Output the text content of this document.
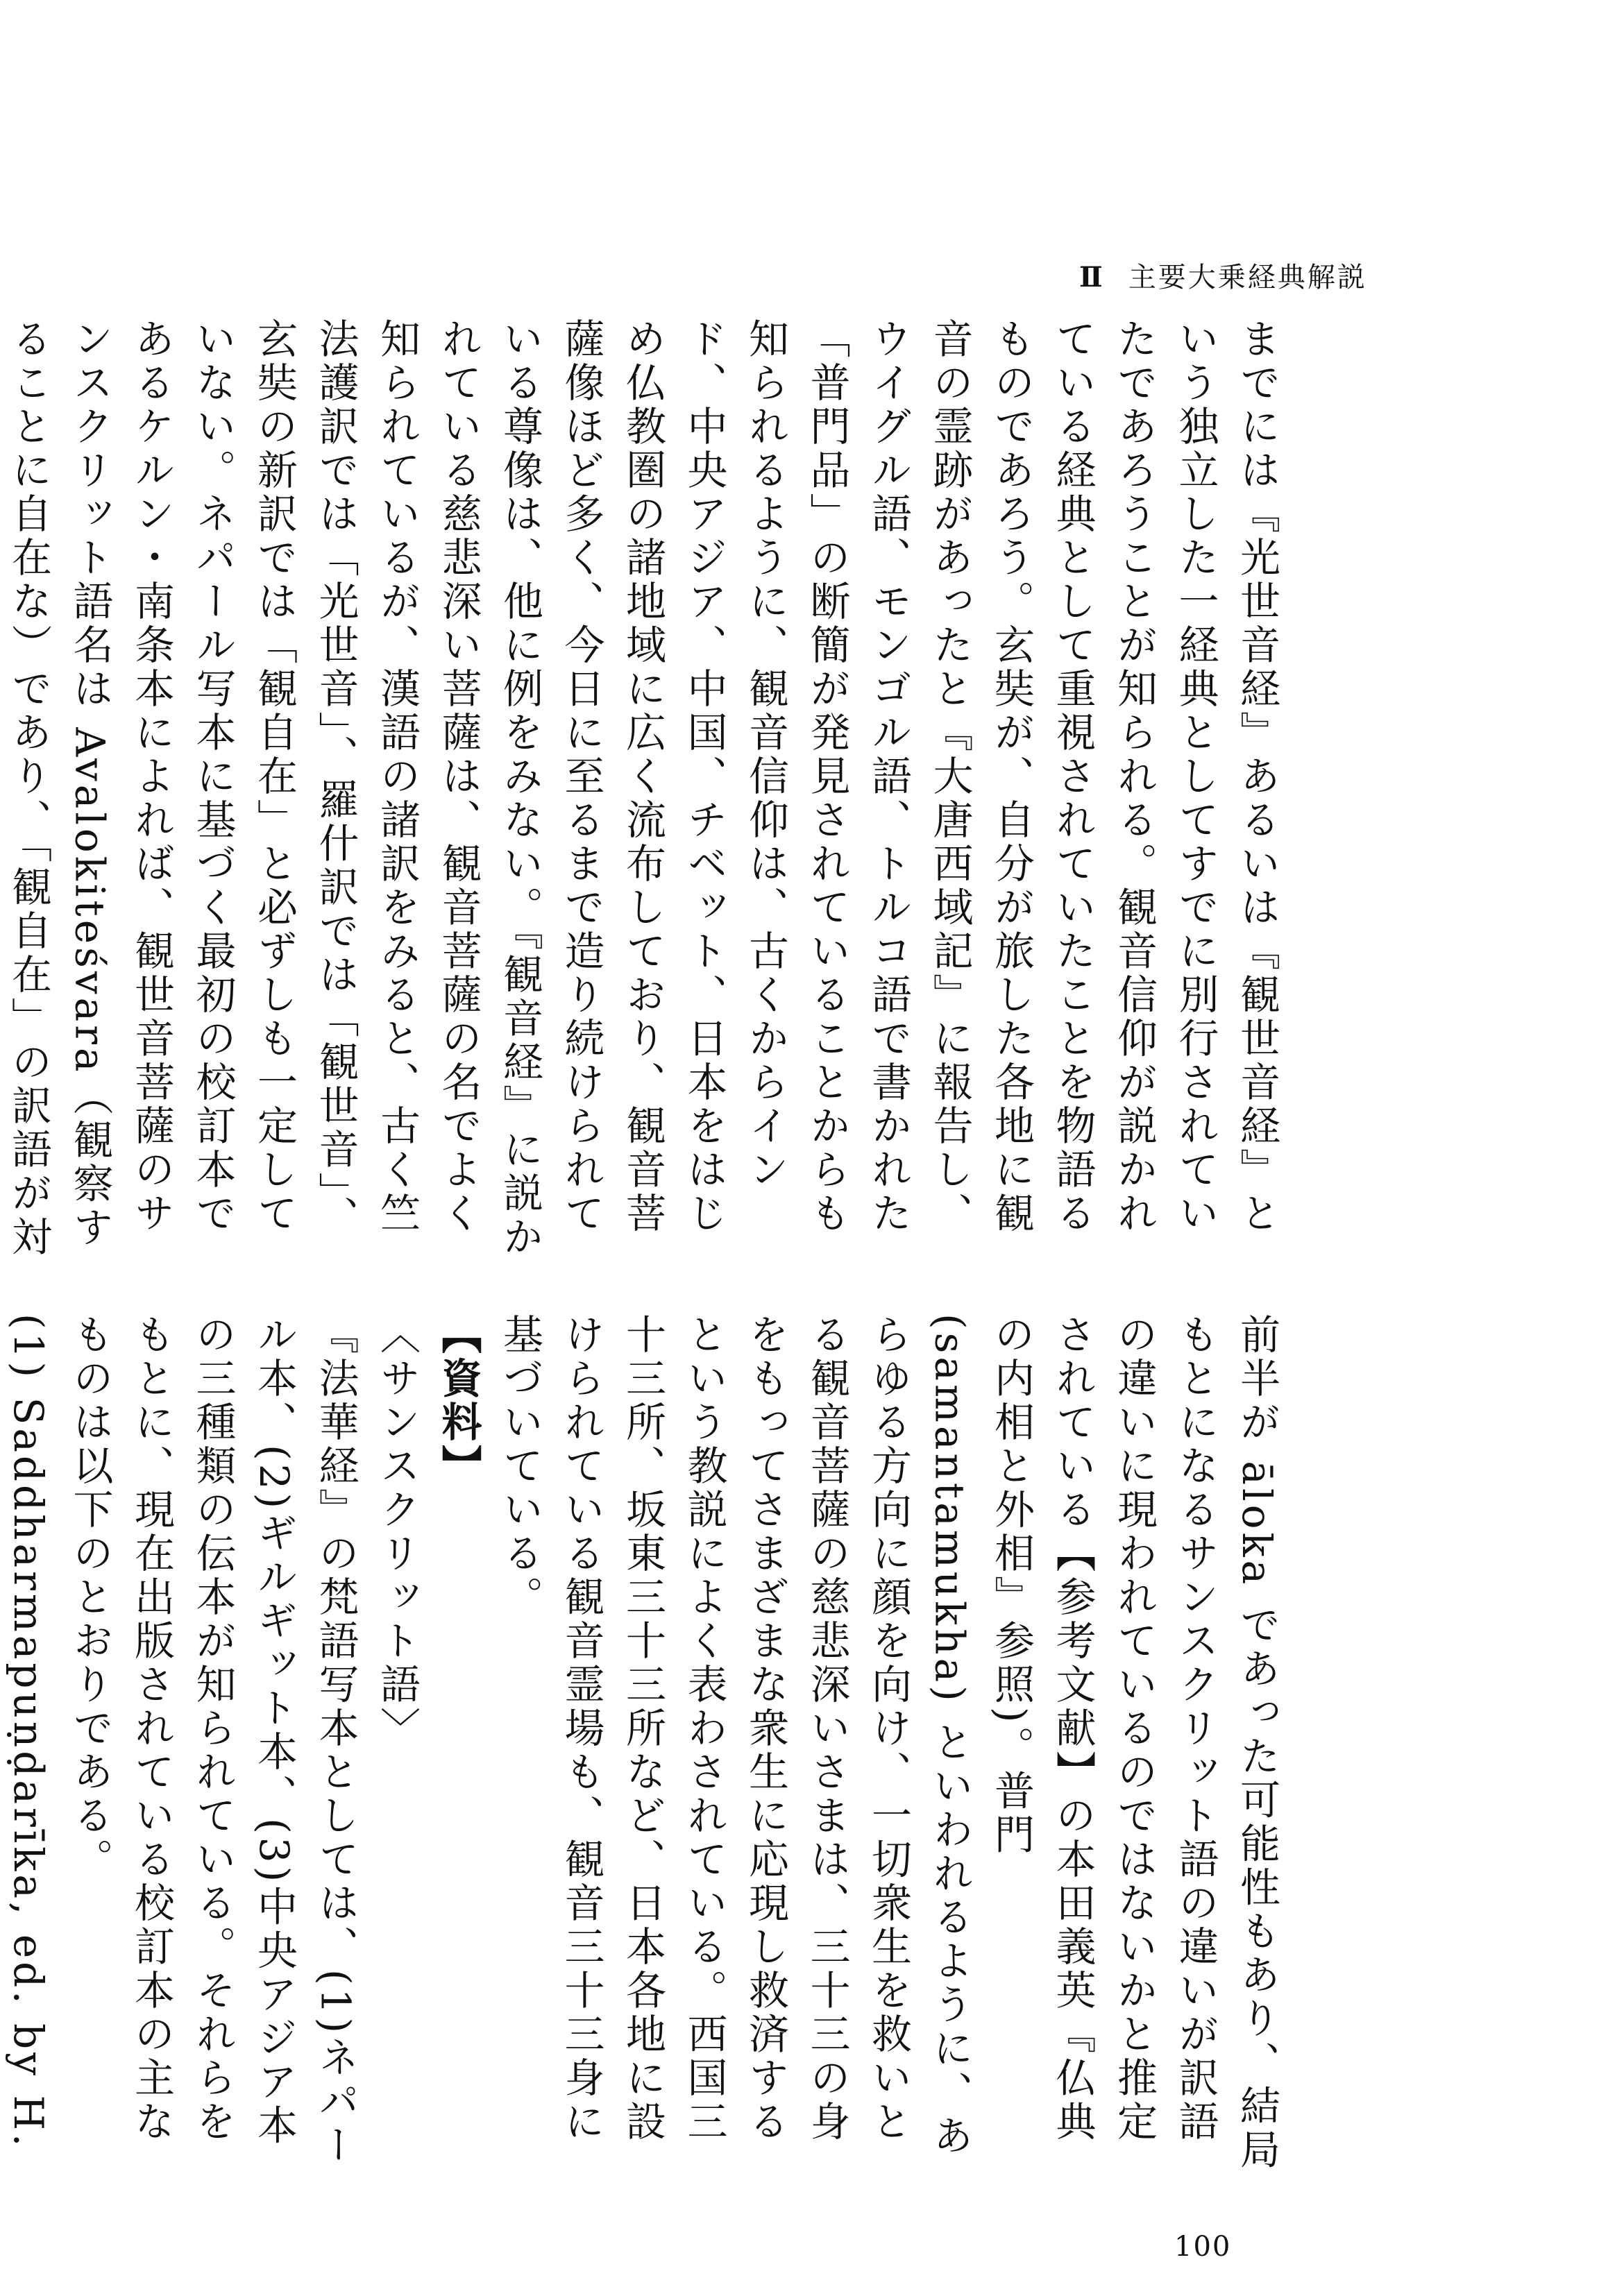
Ⅱ 主要大乗経典解説

までには『光世音経』あるいは『観世音経』という独立した一経典としてすでに別行されていたであろうことが知られる。観音信仰が説かれている経典として重視されていたことを物語るものであろう。玄奘が、自分が旅した各地に観音の霊跡があったと『大唐西域記』に報告し、ウイグル語、モンゴル語、トルコ語で書かれた「普門品」の断簡が発見されていることからも知られるように、観音信仰は、古くからインド、中央アジア、中国、チベット、日本をはじめ仏教圏の諸地域に広く流布しており、観音菩薩像ほど多く、今日に至るまで造り続けられている尊像は、他に例をみない。『観音経』に説かれている慈悲深い菩薩は、観音菩薩の名でよく知られているが、漢語の諸訳をみると、古く竺法護訳では「光世音」、羅什訳では「観世音」、玄奘の新訳では「観自在」と必ずしも一定していない。ネパール写本に基づく最初の校訂本であるケルン・南条本によれば、観世音菩薩のサンスクリット語名は Avalokiteśvara（観察することに自在な）であり、「観自在」の訳語が対

前半が āloka であった可能性もあり、結局もとになるサンスクリット語の違いが訳語の違いに現われているのではないかと推定されている【参考文献】の本田義英『仏典の内相と外相』参照)。普門 (samantamukha) といわれるように、あらゆる方向に顔を向け、一切衆生を救いとる観音菩薩の慈悲深いさまは、三十三の身をもってさまざまな衆生に応現し救済するという教説によく表わされている。西国三十三所、坂東三十三所など、日本各地に設けられている観音霊場も、観音三十三身に基づいている。

【資料】
〈サンスクリット語〉

『法華経』の梵語写本としては、(1)ネパール本、(2)ギルギット本、(3)中央アジア本の三種類の伝本が知られている。それらをもとに、現在出版されている校訂本の主なものは以下のとおりである。

(1) Saddharmapuṇḍarīka, ed. by H.

100
